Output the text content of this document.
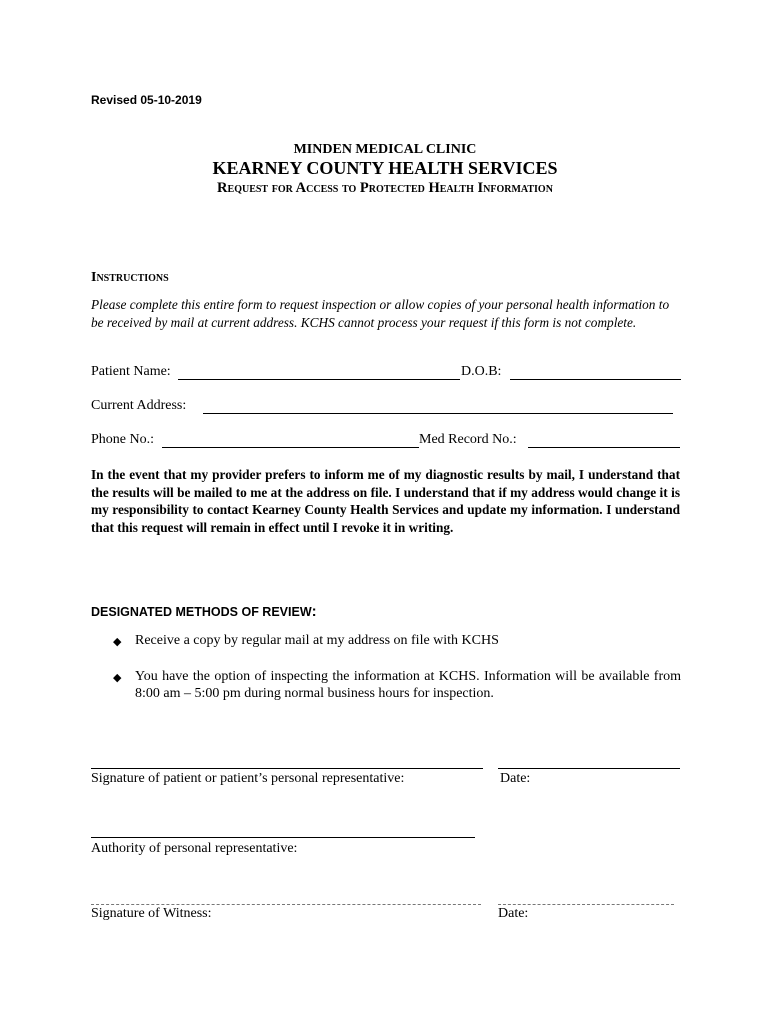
Revised 05-10-2019
MINDEN MEDICAL CLINIC
KEARNEY COUNTY HEALTH SERVICES
Request for Access to Protected Health Information
Instructions
Please complete this entire form to request inspection or allow copies of your personal health information to be received by mail at current address. KCHS cannot process your request if this form is not complete.
Patient Name:	D.O.B:
Current Address:
Phone No.:	Med Record No.:
In the event that my provider prefers to inform me of my diagnostic results by mail, I understand that the results will be mailed to me at the address on file. I understand that if my address would change it is my responsibility to contact Kearney County Health Services and update my information. I understand that this request will remain in effect until I revoke it in writing.
DESIGNATED METHODS OF REVIEW:
◆ Receive a copy by regular mail at my address on file with KCHS
◆ You have the option of inspecting the information at KCHS. Information will be available from 8:00 am – 5:00 pm during normal business hours for inspection.
Signature of patient or patient’s personal representative:	Date:
Authority of personal representative:
Signature of Witness:	Date:
